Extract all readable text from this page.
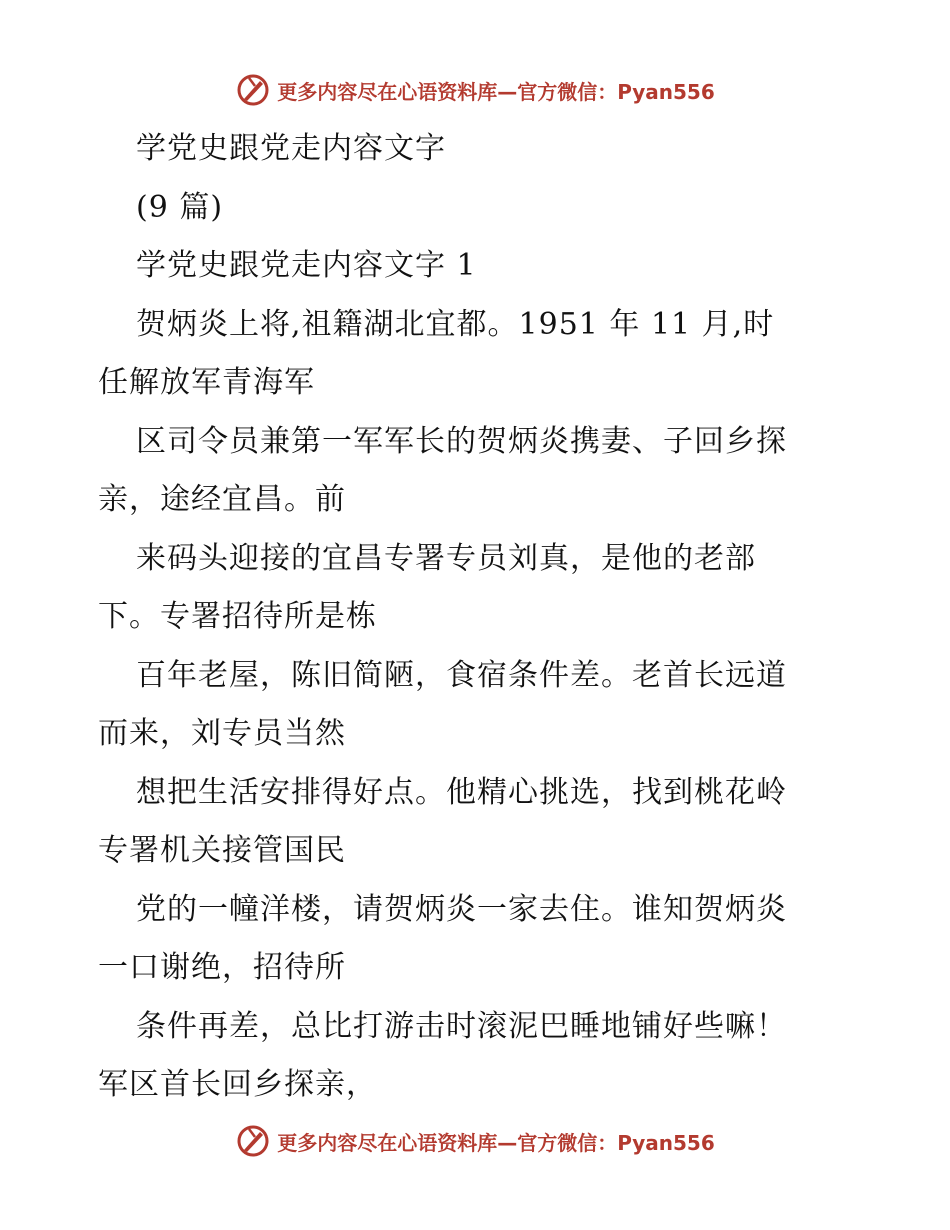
更多内容尽在心语资料库—官方微信：Pyan556
学党史跟党走内容文字
(9 篇)
学党史跟党走内容文字 1
贺炳炎上将,祖籍湖北宜都。1951 年 11 月,时
任解放军青海军
区司令员兼第一军军长的贺炳炎携妻、子回乡探
亲，途经宜昌。前
来码头迎接的宜昌专署专员刘真，是他的老部
下。专署招待所是栋
百年老屋，陈旧简陋，食宿条件差。老首长远道
而来，刘专员当然
想把生活安排得好点。他精心挑选，找到桃花岭
专署机关接管国民
党的一幢洋楼，请贺炳炎一家去住。谁知贺炳炎
一口谢绝，招待所
条件再差，总比打游击时滚泥巴睡地铺好些嘛！
军区首长回乡探亲，
更多内容尽在心语资料库—官方微信：Pyan556
